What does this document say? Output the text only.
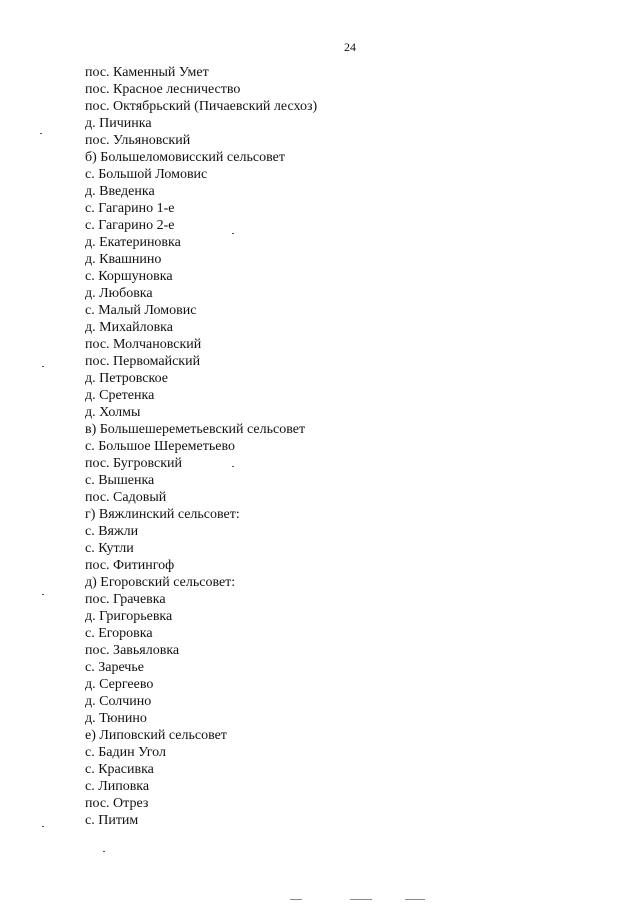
24
пос. Каменный Умет
пос. Красное лесничество
пос. Октябрьский (Пичаевский лесхоз)
д. Пичинка
пос. Ульяновский
б) Большеломовисский сельсовет
с. Большой Ломовис
д. Введенка
с. Гагарино 1-е
с. Гагарино 2-е
д. Екатериновка
д. Квашнино
с. Коршуновка
д. Любовка
с. Малый Ломовис
д. Михайловка
пос. Молчановский
пос. Первомайский
д. Петровское
д. Сретенка
д. Холмы
в) Большешереметьевский сельсовет
с. Большое Шереметьево
пос. Бугровский
с. Вышенка
пос. Садовый
г) Вяжлинский сельсовет:
с. Вяжли
с. Кутли
пос. Фитингоф
д) Егоровский сельсовет:
пос. Грачевка
д. Григорьевка
с. Егоровка
пос. Завьяловка
с. Заречье
д. Сергеево
д. Солчино
д. Тюнино
е) Липовский сельсовет
с. Бадин Угол
с. Красивка
с. Липовка
пос. Отрез
с. Питим
